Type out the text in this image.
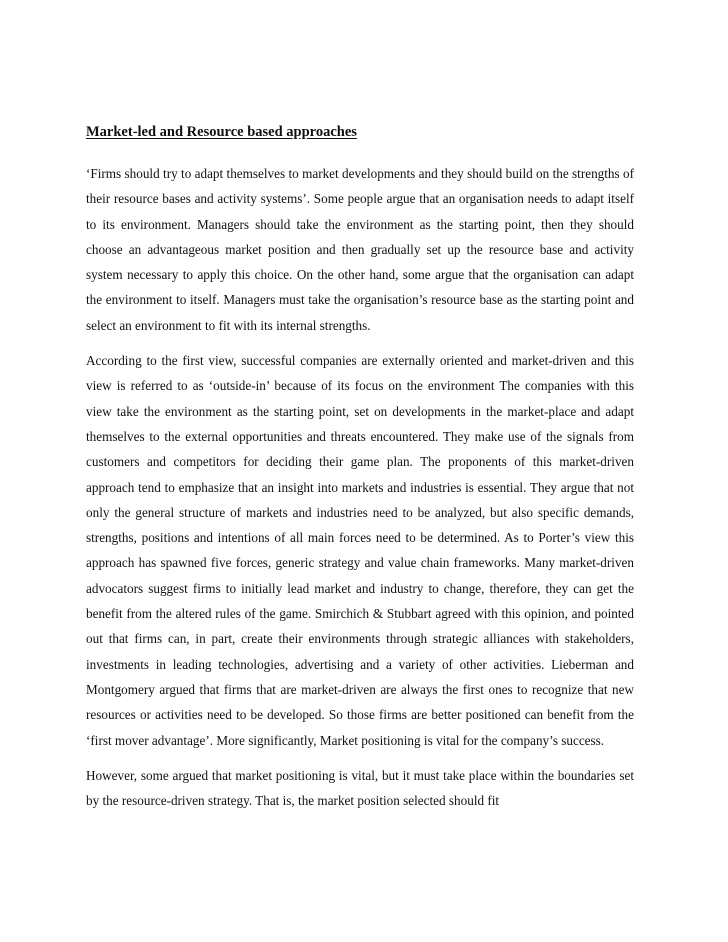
Market-led and Resource based approaches

‘Firms should try to adapt themselves to market developments and they should build on the strengths of their resource bases and activity systems’. Some people argue that an organisation needs to adapt itself to its environment. Managers should take the environment as the starting point, then they should choose an advantageous market position and then gradually set up the resource base and activity system necessary to apply this choice. On the other hand, some argue that the organisation can adapt the environment to itself. Managers must take the organisation’s resource base as the starting point and select an environment to fit with its internal strengths.

According to the first view, successful companies are externally oriented and market-driven and this view is referred to as ‘outside-in’ because of its focus on the environment The companies with this view take the environment as the starting point, set on developments in the market-place and adapt themselves to the external opportunities and threats encountered. They make use of the signals from customers and competitors for deciding their game plan. The proponents of this market-driven approach tend to emphasize that an insight into markets and industries is essential. They argue that not only the general structure of markets and industries need to be analyzed, but also specific demands, strengths, positions and intentions of all main forces need to be determined. As to Porter’s view this approach has spawned five forces, generic strategy and value chain frameworks. Many market-driven advocators suggest firms to initially lead market and industry to change, therefore, they can get the benefit from the altered rules of the game. Smirchich & Stubbart agreed with this opinion, and pointed out that firms can, in part, create their environments through strategic alliances with stakeholders, investments in leading technologies, advertising and a variety of other activities. Lieberman and Montgomery argued that firms that are market-driven are always the first ones to recognize that new resources or activities need to be developed. So those firms are better positioned can benefit from the ‘first mover advantage’. More significantly, Market positioning is vital for the company’s success.

However, some argued that market positioning is vital, but it must take place within the boundaries set by the resource-driven strategy. That is, the market position selected should fit
